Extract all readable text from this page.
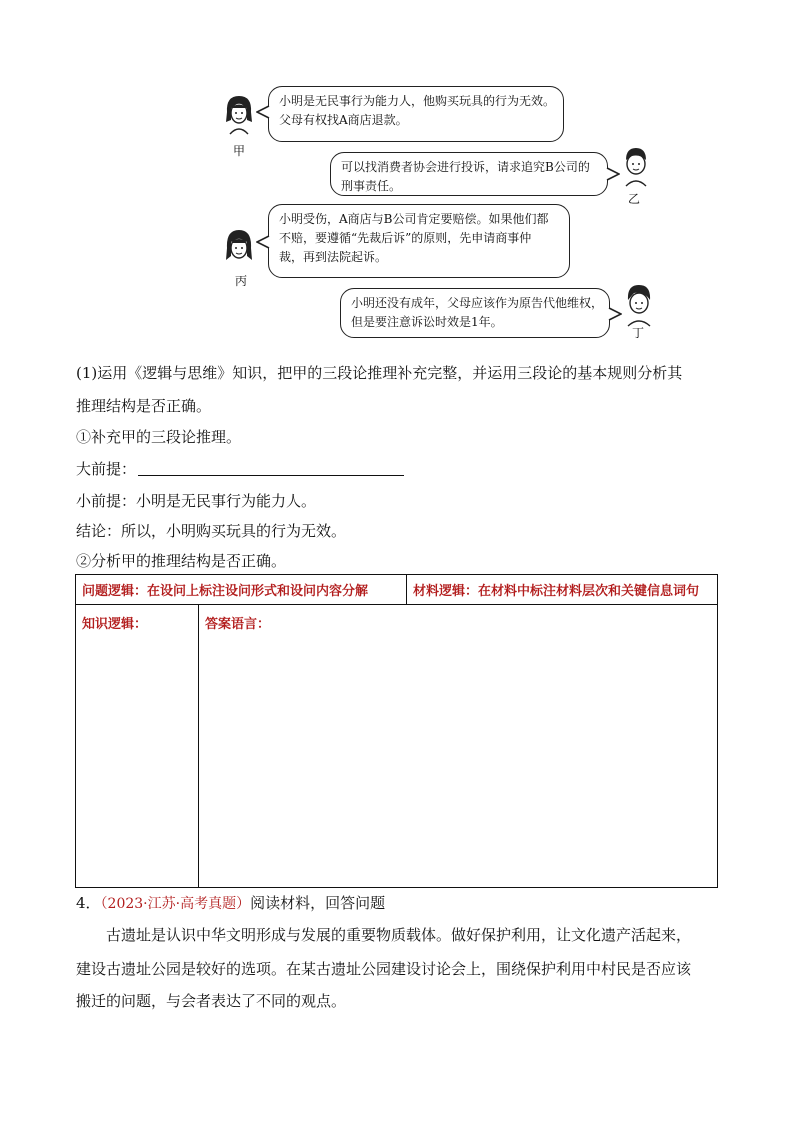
甲
小明是无民事行为能力人，他购买玩具的行为无效。
父母有权找A商店退款。
可以找消费者协会进行投诉，请求追究B公司的
刑事责任。
乙
丙
小明受伤，A商店与B公司肯定要赔偿。如果他们都
不赔，要遵循“先裁后诉”的原则，先申请商事仲
裁，再到法院起诉。
小明还没有成年，父母应该作为原告代他维权，
但是要注意诉讼时效是1年。
丁
(1)运用《逻辑与思维》知识，把甲的三段论推理补充完整，并运用三段论的基本规则分析其
推理结构是否正确。
①补充甲的三段论推理。
大前提：
小前提：小明是无民事行为能力人。
结论：所以，小明购买玩具的行为无效。
②分析甲的推理结构是否正确。
问题逻辑：在设问上标注设问形式和设问内容分解		材料逻辑：在材料中标注材料层次和关键信息词句
知识逻辑：	答案语言：	
4．（2023·江苏·高考真题）阅读材料，回答问题
古遗址是认识中华文明形成与发展的重要物质载体。做好保护利用，让文化遗产活起来，
建设古遗址公园是较好的选项。在某古遗址公园建设讨论会上，围绕保护利用中村民是否应该
搬迁的问题，与会者表达了不同的观点。
